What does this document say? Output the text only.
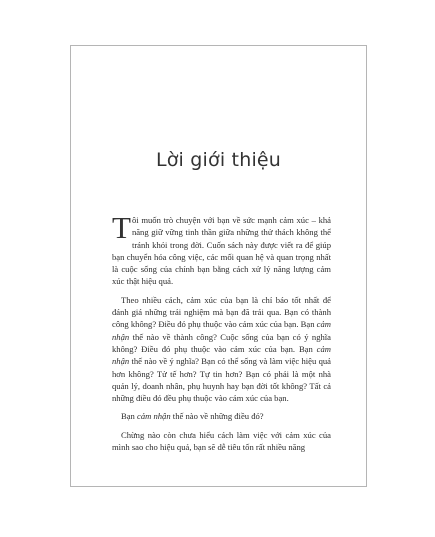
Lời giới thiệu

Tôi muốn trò chuyện với bạn về sức mạnh cảm xúc – khả năng giữ vững tinh thần giữa những thử thách không thể tránh khỏi trong đời. Cuốn sách này được viết ra để giúp bạn chuyển hóa công việc, các mối quan hệ và quan trọng nhất là cuộc sống của chính bạn bằng cách xử lý năng lượng cảm xúc thật hiệu quả.

Theo nhiều cách, cảm xúc của bạn là chỉ báo tốt nhất để đánh giá những trải nghiệm mà bạn đã trải qua. Bạn có thành công không? Điều đó phụ thuộc vào cảm xúc của bạn. Bạn cảm nhận thế nào về thành công? Cuộc sống của bạn có ý nghĩa không? Điều đó phụ thuộc vào cảm xúc của bạn. Bạn cảm nhận thế nào về ý nghĩa? Bạn có thể sống và làm việc hiệu quả hơn không? Tử tế hơn? Tự tin hơn? Bạn có phải là một nhà quản lý, doanh nhân, phụ huynh hay bạn đời tốt không? Tất cả những điều đó đều phụ thuộc vào cảm xúc của bạn.

Bạn cảm nhận thế nào về những điều đó?

Chừng nào còn chưa hiểu cách làm việc với cảm xúc của mình sao cho hiệu quả, bạn sẽ dễ tiêu tốn rất nhiều năng
